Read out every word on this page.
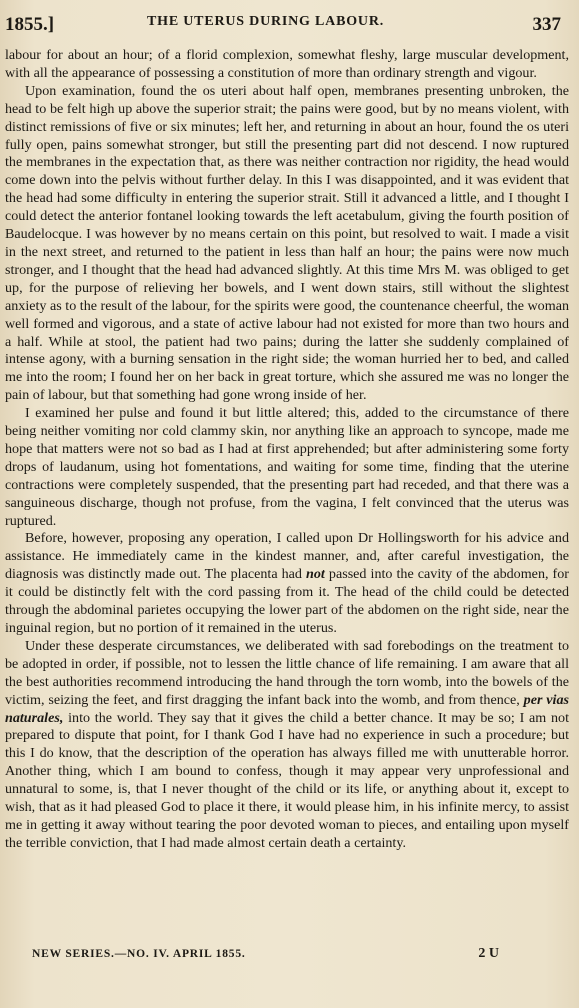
1855.]	THE UTERUS DURING LABOUR.	337

labour for about an hour; of a florid complexion, somewhat fleshy, large muscular development, with all the appearance of possessing a constitution of more than ordinary strength and vigour.

Upon examination, found the os uteri about half open, membranes presenting unbroken, the head to be felt high up above the superior strait; the pains were good, but by no means violent, with distinct remissions of five or six minutes; left her, and returning in about an hour, found the os uteri fully open, pains somewhat stronger, but still the presenting part did not descend. I now ruptured the membranes in the expectation that, as there was neither contraction nor rigidity, the head would come down into the pelvis without further delay. In this I was disappointed, and it was evident that the head had some difficulty in entering the superior strait. Still it advanced a little, and I thought I could detect the anterior fontanel looking towards the left acetabulum, giving the fourth position of Baudelocque. I was however by no means certain on this point, but resolved to wait. I made a visit in the next street, and returned to the patient in less than half an hour; the pains were now much stronger, and I thought that the head had advanced slightly. At this time Mrs M. was obliged to get up, for the purpose of relieving her bowels, and I went down stairs, still without the slightest anxiety as to the result of the labour, for the spirits were good, the countenance cheerful, the woman well formed and vigorous, and a state of active labour had not existed for more than two hours and a half. While at stool, the patient had two pains; during the latter she suddenly complained of intense agony, with a burning sensation in the right side; the woman hurried her to bed, and called me into the room; I found her on her back in great torture, which she assured me was no longer the pain of labour, but that something had gone wrong inside of her.

I examined her pulse and found it but little altered; this, added to the circumstance of there being neither vomiting nor cold clammy skin, nor anything like an approach to syncope, made me hope that matters were not so bad as I had at first apprehended; but after administering some forty drops of laudanum, using hot fomentations, and waiting for some time, finding that the uterine contractions were completely suspended, that the presenting part had receded, and that there was a sanguineous discharge, though not profuse, from the vagina, I felt convinced that the uterus was ruptured.

Before, however, proposing any operation, I called upon Dr Hollingsworth for his advice and assistance. He immediately came in the kindest manner, and, after careful investigation, the diagnosis was distinctly made out. The placenta had not passed into the cavity of the abdomen, for it could be distinctly felt with the cord passing from it. The head of the child could be detected through the abdominal parietes occupying the lower part of the abdomen on the right side, near the inguinal region, but no portion of it remained in the uterus.

Under these desperate circumstances, we deliberated with sad forebodings on the treatment to be adopted in order, if possible, not to lessen the little chance of life remaining. I am aware that all the best authorities recommend introducing the hand through the torn womb, into the bowels of the victim, seizing the feet, and first dragging the infant back into the womb, and from thence, per vias naturales, into the world. They say that it gives the child a better chance. It may be so; I am not prepared to dispute that point, for I thank God I have had no experience in such a procedure; but this I do know, that the description of the operation has always filled me with unutterable horror. Another thing, which I am bound to confess, though it may appear very unprofessional and unnatural to some, is, that I never thought of the child or its life, or anything about it, except to wish, that as it had pleased God to place it there, it would please him, in his infinite mercy, to assist me in getting it away without tearing the poor devoted woman to pieces, and entailing upon myself the terrible conviction, that I had made almost certain death a certainty.

NEW SERIES.—NO. IV. APRIL 1855.	2 U
